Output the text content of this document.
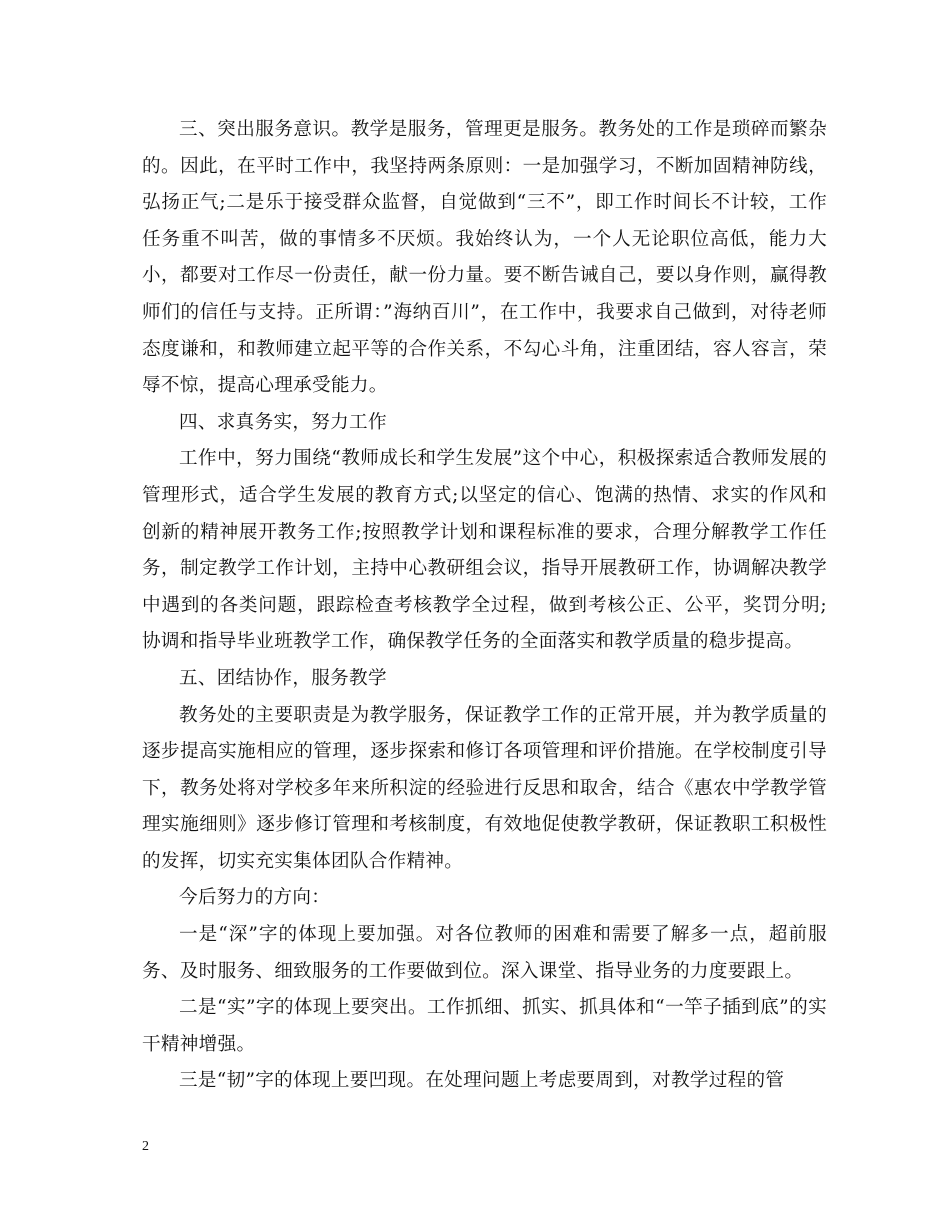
三、突出服务意识。教学是服务，管理更是服务。教务处的工作是琐碎而繁杂的。因此，在平时工作中，我坚持两条原则：一是加强学习，不断加固精神防线，弘扬正气;二是乐于接受群众监督，自觉做到“三不”，即工作时间长不计较，工作任务重不叫苦，做的事情多不厌烦。我始终认为，一个人无论职位高低，能力大小，都要对工作尽一份责任，献一份力量。要不断告诫自己，要以身作则，赢得教师们的信任与支持。正所谓：”海纳百川”，在工作中，我要求自己做到，对待老师态度谦和，和教师建立起平等的合作关系，不勾心斗角，注重团结，容人容言，荣辱不惊，提高心理承受能力。

四、求真务实，努力工作

工作中，努力围绕“教师成长和学生发展”这个中心，积极探索适合教师发展的管理形式，适合学生发展的教育方式;以坚定的信心、饱满的热情、求实的作风和创新的精神展开教务工作;按照教学计划和课程标准的要求，合理分解教学工作任务，制定教学工作计划，主持中心教研组会议，指导开展教研工作，协调解决教学中遇到的各类问题，跟踪检查考核教学全过程，做到考核公正、公平，奖罚分明;协调和指导毕业班教学工作，确保教学任务的全面落实和教学质量的稳步提高。

五、团结协作，服务教学

教务处的主要职责是为教学服务，保证教学工作的正常开展，并为教学质量的逐步提高实施相应的管理，逐步探索和修订各项管理和评价措施。在学校制度引导下，教务处将对学校多年来所积淀的经验进行反思和取舍，结合《惠农中学教学管理实施细则》逐步修订管理和考核制度，有效地促使教学教研，保证教职工积极性的发挥，切实充实集体团队合作精神。

今后努力的方向：

一是“深”字的体现上要加强。对各位教师的困难和需要了解多一点，超前服务、及时服务、细致服务的工作要做到位。深入课堂、指导业务的力度要跟上。

二是“实”字的体现上要突出。工作抓细、抓实、抓具体和“一竿子插到底”的实干精神增强。

三是“韧”字的体现上要凹现。在处理问题上考虑要周到，对教学过程的管

2
